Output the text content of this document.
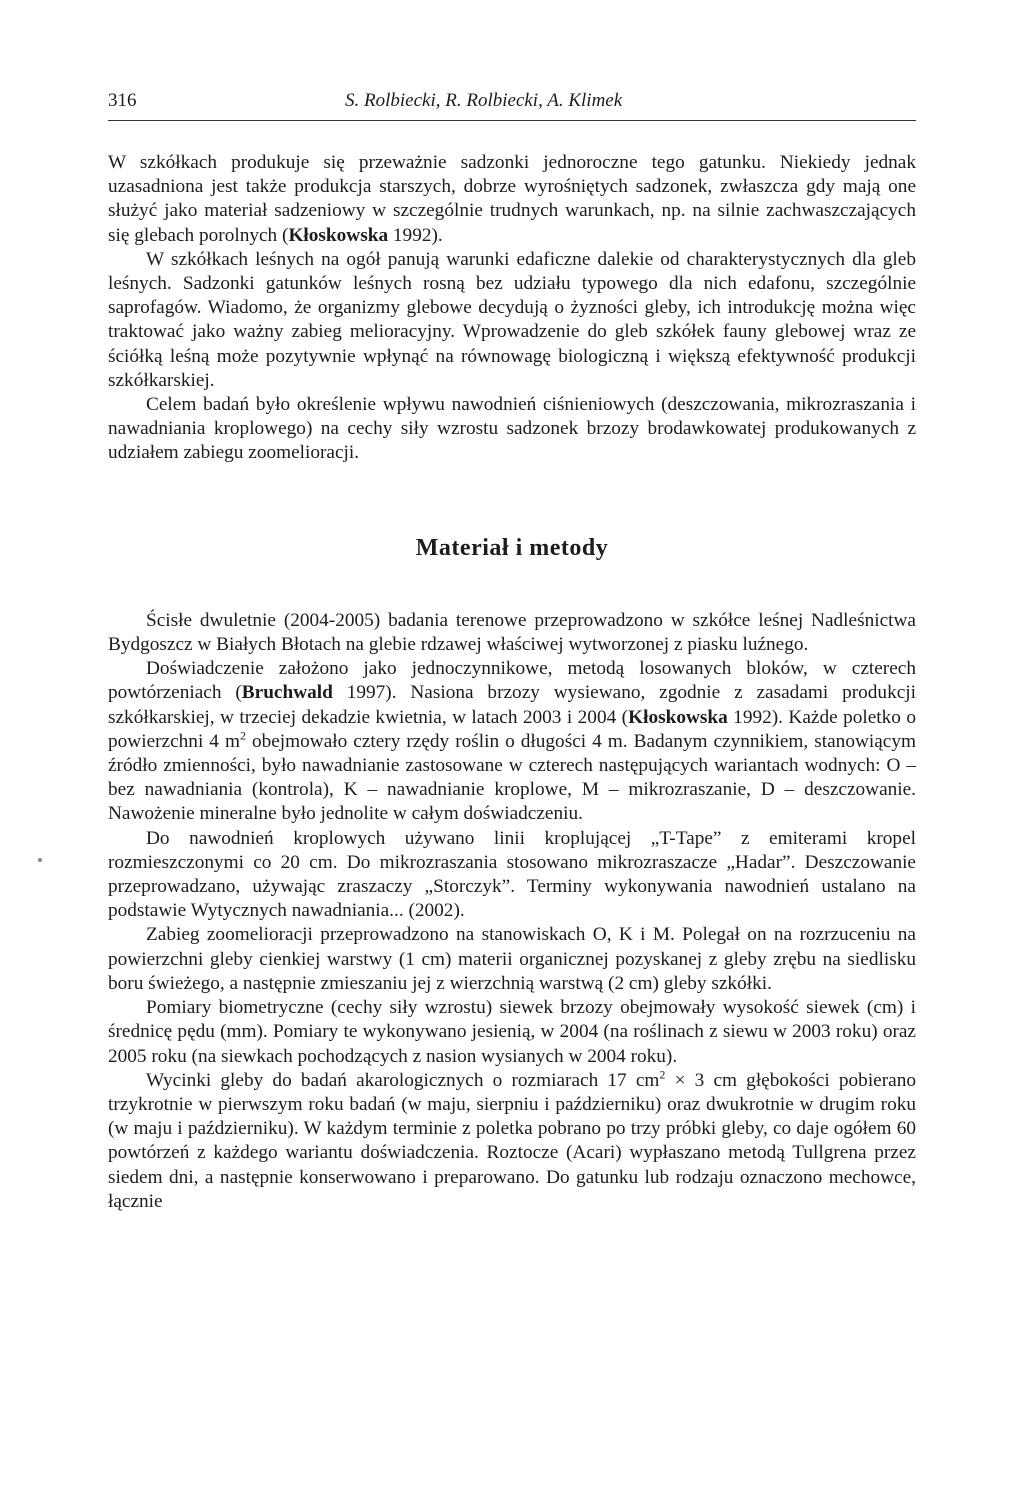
316	S. Rolbiecki, R. Rolbiecki, A. Klimek

W szkółkach produkuje się przeważnie sadzonki jednoroczne tego gatunku. Niekiedy jednak uzasadniona jest także produkcja starszych, dobrze wyrośniętych sadzonek, zwłaszcza gdy mają one służyć jako materiał sadzeniowy w szczególnie trudnych warunkach, np. na silnie zachwaszczających się glebach porolnych (Kłoskowska 1992).

W szkółkach leśnych na ogół panują warunki edaficzne dalekie od charakterystycznych dla gleb leśnych. Sadzonki gatunków leśnych rosną bez udziału typowego dla nich edafonu, szczególnie saprofagów. Wiadomo, że organizmy glebowe decydują o żyzności gleby, ich introdukcję można więc traktować jako ważny zabieg melioracyjny. Wprowadzenie do gleb szkółek fauny glebowej wraz ze ściółką leśną może pozytywnie wpłynąć na równowagę biologiczną i większą efektywność produkcji szkółkarskiej.

Celem badań było określenie wpływu nawodnień ciśnieniowych (deszczowania, mikrozraszania i nawadniania kroplowego) na cechy siły wzrostu sadzonek brzozy brodawkowatej produkowanych z udziałem zabiegu zoomelioracji.

Materiał i metody

Ścisłe dwuletnie (2004-2005) badania terenowe przeprowadzono w szkółce leśnej Nadleśnictwa Bydgoszcz w Białych Błotach na glebie rdzawej właściwej wytworzonej z piasku luźnego.

Doświadczenie założono jako jednoczynnikowe, metodą losowanych bloków, w czterech powtórzeniach (Bruchwald 1997). Nasiona brzozy wysiewano, zgodnie z zasadami produkcji szkółkarskiej, w trzeciej dekadzie kwietnia, w latach 2003 i 2004 (Kłoskowska 1992). Każde poletko o powierzchni 4 $m^2$ obejmowało cztery rzędy roślin o długości 4 m. Badanym czynnikiem, stanowiącym źródło zmienności, było nawadnianie zastosowane w czterech następujących wariantach wodnych: O – bez nawadniania (kontrola), K – nawadnianie kroplowe, M – mikrozraszanie, D – deszczowanie. Nawożenie mineralne było jednolite w całym doświadczeniu.

Do nawodnień kroplowych używano linii kroplującej „T-Tape” z emiterami kropel rozmieszczonymi co 20 cm. Do mikrozraszania stosowano mikrozraszacze „Hadar”. Deszczowanie przeprowadzano, używając zraszaczy „Storczyk”. Terminy wykonywania nawodnień ustalano na podstawie Wytycznych nawadniania... (2002).

Zabieg zoomelioracji przeprowadzono na stanowiskach O, K i M. Polegał on na rozrzuceniu na powierzchni gleby cienkiej warstwy (1 cm) materii organicznej pozyskanej z gleby zrębu na siedlisku boru świeżego, a następnie zmieszaniu jej z wierzchnią warstwą (2 cm) gleby szkółki.

Pomiary biometryczne (cechy siły wzrostu) siewek brzozy obejmowały wysokość siewek (cm) i średnicę pędu (mm). Pomiary te wykonywano jesienią, w 2004 (na roślinach z siewu w 2003 roku) oraz 2005 roku (na siewkach pochodzących z nasion wysianych w 2004 roku).

Wycinki gleby do badań akarologicznych o rozmiarach 17 $cm^2 \times 3$ cm głębokości pobierano trzykrotnie w pierwszym roku badań (w maju, sierpniu i październiku) oraz dwukrotnie w drugim roku (w maju i październiku). W każdym terminie z poletka pobrano po trzy próbki gleby, co daje ogółem 60 powtórzeń z każdego wariantu doświadczenia. Roztocze (Acari) wypłaszano metodą Tullgrena przez siedem dni, a następnie konserwowano i preparowano. Do gatunku lub rodzaju oznaczono mechowce, łącznie
